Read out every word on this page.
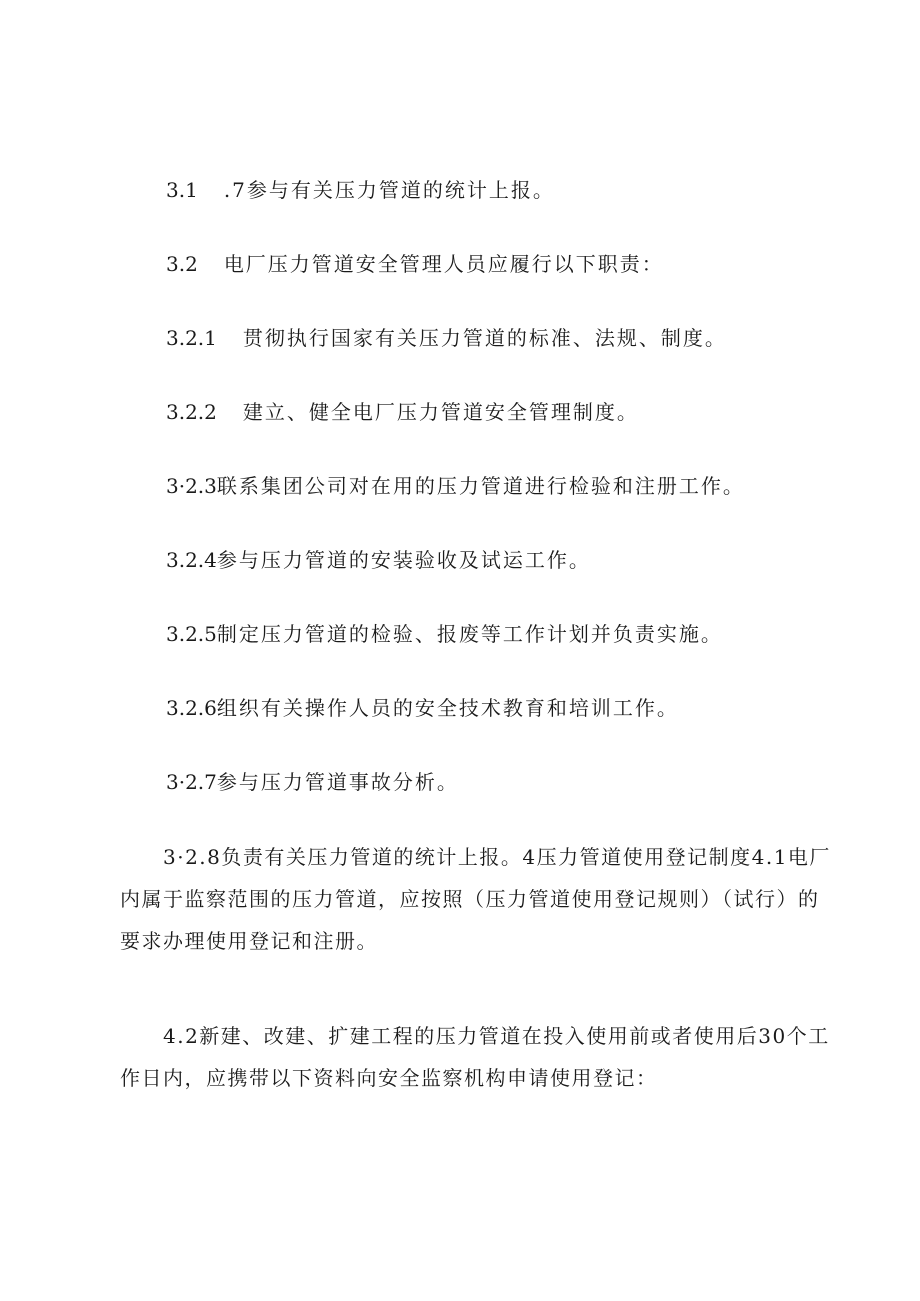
3.1 .7参与有关压力管道的统计上报。
3.2 电厂压力管道安全管理人员应履行以下职责：
3.2.1 贯彻执行国家有关压力管道的标准、法规、制度。
3.2.2 建立、健全电厂压力管道安全管理制度。
3·2.3联系集团公司对在用的压力管道进行检验和注册工作。
3.2.4参与压力管道的安装验收及试运工作。
3.2.5制定压力管道的检验、报废等工作计划并负责实施。
3.2.6组织有关操作人员的安全技术教育和培训工作。
3·2.7参与压力管道事故分析。
3·2.8负责有关压力管道的统计上报。4压力管道使用登记制度4.1电厂内属于监察范围的压力管道，应按照（压力管道使用登记规则）（试行）的要求办理使用登记和注册。
4.2新建、改建、扩建工程的压力管道在投入使用前或者使用后30个工作日内，应携带以下资料向安全监察机构申请使用登记：
